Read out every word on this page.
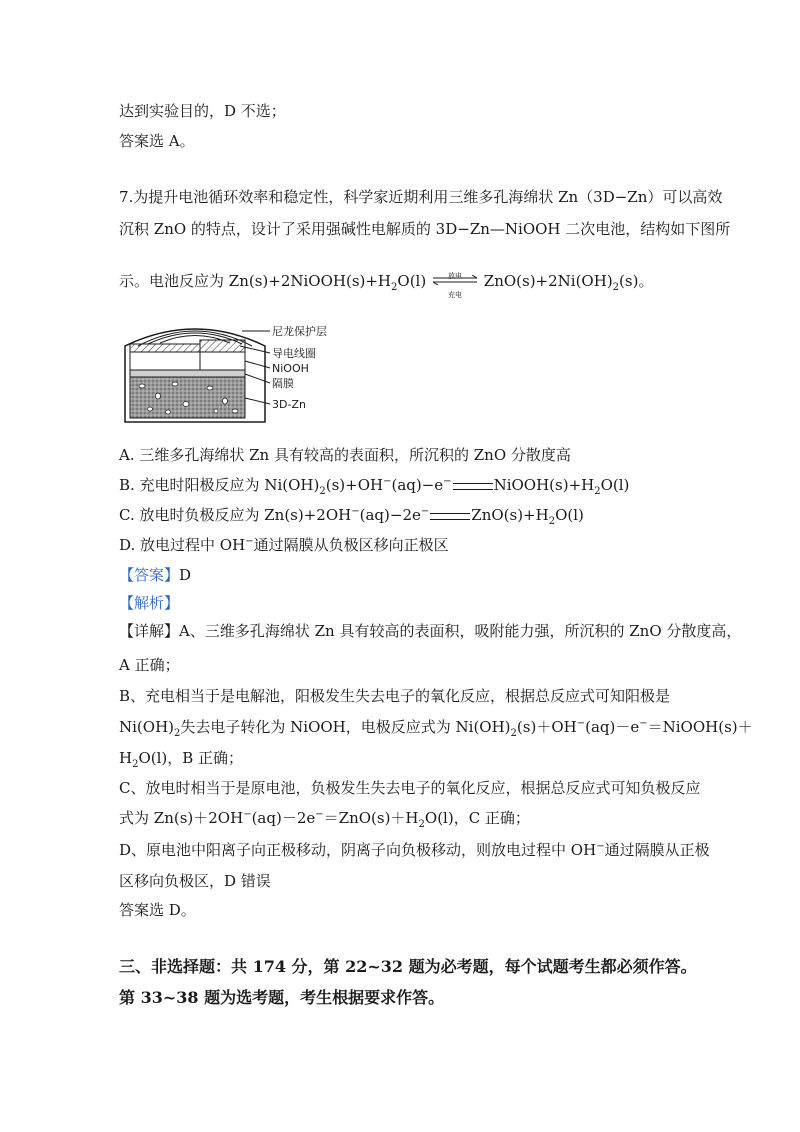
达到实验目的，D 不选；
答案选 A。
7.为提升电池循环效率和稳定性，科学家近期利用三维多孔海绵状 Zn（3D−Zn）可以高效
沉积 ZnO 的特点，设计了采用强碱性电解质的 3D−Zn—NiOOH 二次电池，结构如下图所
示。电池反应为 $Zn(s)+2NiOOH(s)+H_2O(l)$	放电
充电
$ZnO(s)+2Ni(OH)_2(s)$。
尼龙保护层
导电线圈
NiOOH
隔膜
3D-Zn
A. 三维多孔海绵状 Zn 具有较高的表面积，所沉积的 ZnO 分散度高
B. 充电时阳极反应为 $Ni(OH)_2(s)+OH^-(aq)-e^-$	$NiOOH(s)+H_2O(l)$
C. 放电时负极反应为 Zn(s)+2OH−(aq)−2e−	$ZnO(s)+H_2O(l)$
D. 放电过程中 OH−通过隔膜从负极区移向正极区
【答案】D
【解析】
【详解】A、三维多孔海绵状 Zn 具有较高的表面积，吸附能力强，所沉积的 ZnO 分散度高，
A 正确；
B、充电相当于是电解池，阳极发生失去电子的氧化反应，根据总反应式可知阳极是
$Ni(OH)_2$失去电子转化为 NiOOH，电极反应式为 $Ni(OH)_2(s)+OH^-(aq)-e^-=NiOOH(s)+$
$H_2O(l)$，B 正确；
C、放电时相当于是原电池，负极发生失去电子的氧化反应，根据总反应式可知负极反应
式为 $Zn(s)+2OH^-(aq)-2e^-=ZnO(s)+H_2O(l)$，C 正确；
D、原电池中阳离子向正极移动，阴离子向负极移动，则放电过程中 OH−通过隔膜从正极
区移向负极区，D 错误
答案选 D。
三、非选择题：共 174 分，第 22~32 题为必考题，每个试题考生都必须作答。
第 33~38 题为选考题，考生根据要求作答。
